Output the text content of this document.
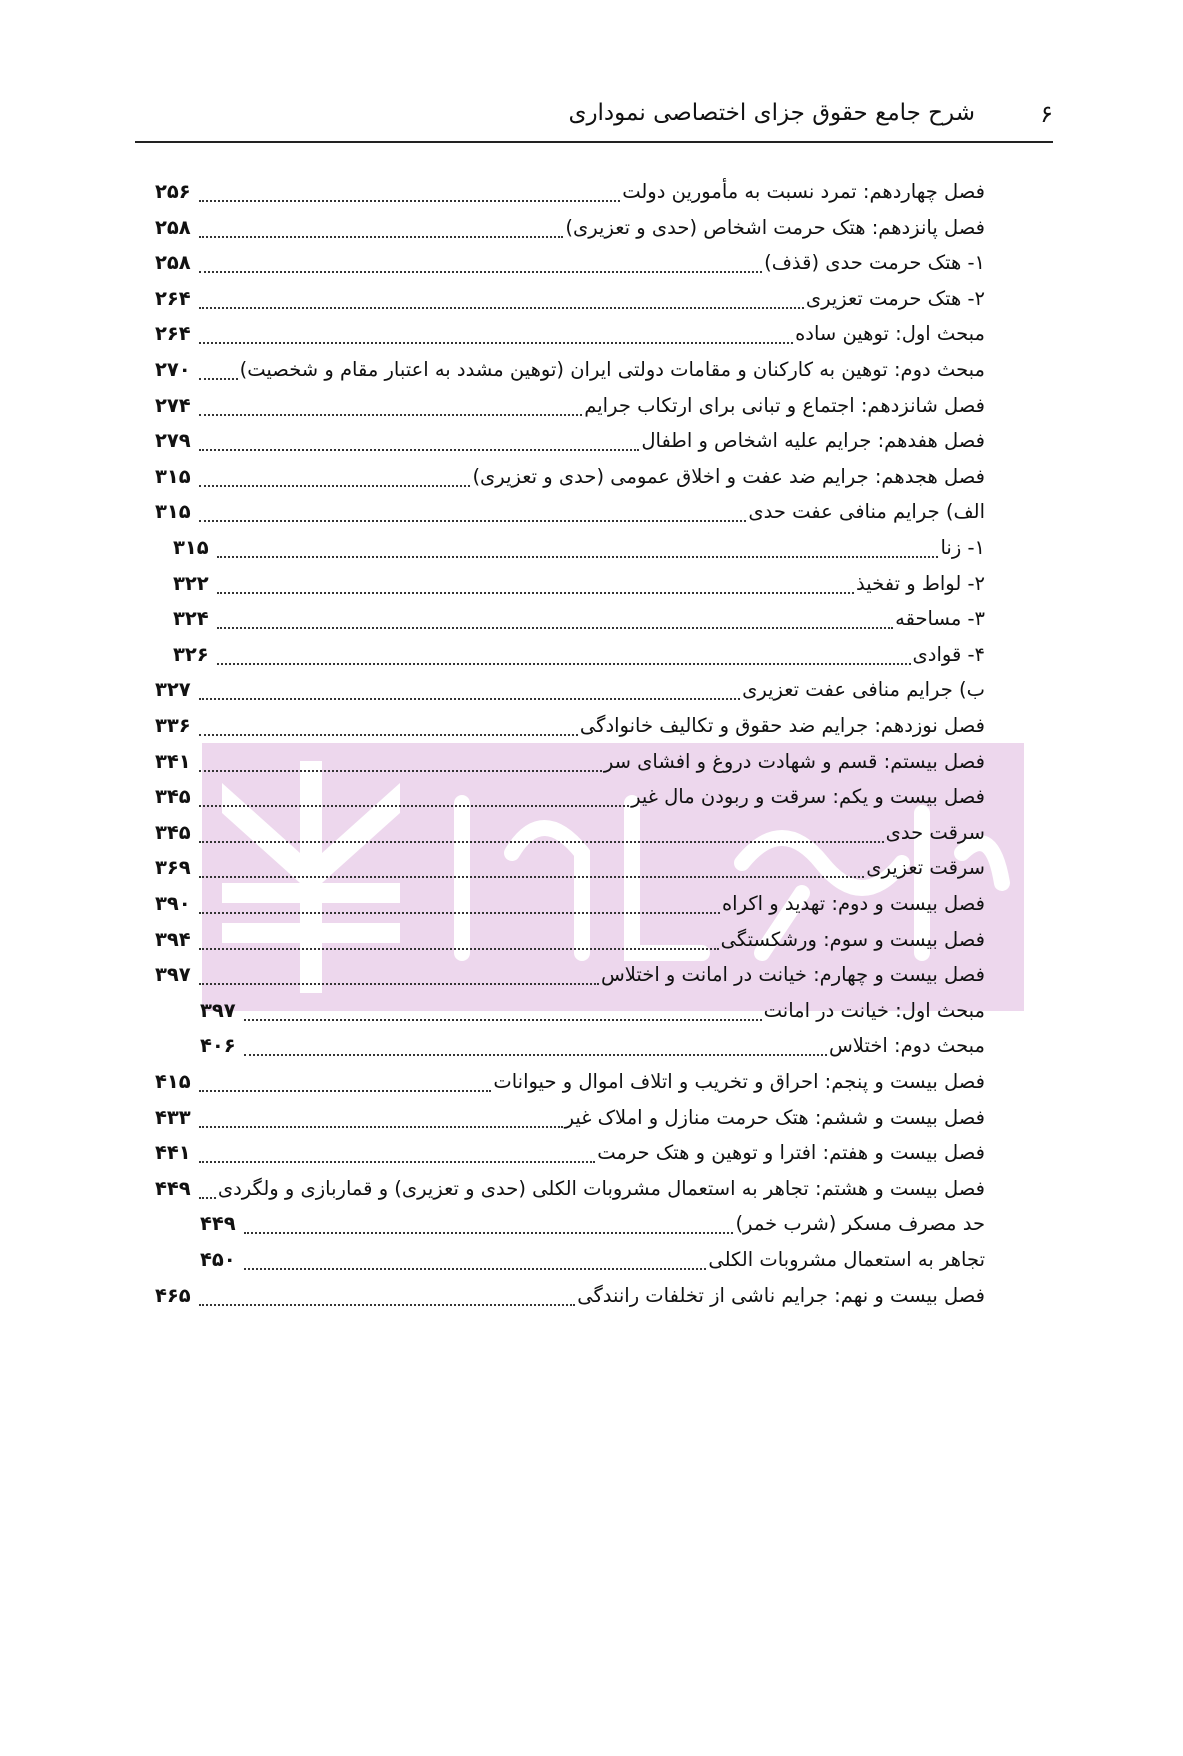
۶
شرح جامع حقوق جزای اختصاصی نموداری
فصل چهاردهم: تمرد نسبت به مأمورین دولت
۲۵۶
فصل پانزدهم: هتک حرمت اشخاص (حدی و تعزیری)
۲۵۸
۱- هتک حرمت حدی (قذف)
۲۵۸
۲- هتک حرمت تعزیری
۲۶۴
مبحث اول: توهین ساده
۲۶۴
مبحث دوم: توهین به کارکنان و مقامات دولتی ایران (توهین مشدد به اعتبار مقام و شخصیت)
۲۷۰
فصل شانزدهم: اجتماع و تبانی برای ارتکاب جرایم
۲۷۴
فصل هفدهم: جرایم علیه اشخاص و اطفال
۲۷۹
فصل هجدهم: جرایم ضد عفت و اخلاق عمومی (حدی و تعزیری)
۳۱۵
الف) جرایم منافی عفت حدی
۳۱۵
۱- زنا
۳۱۵
۲- لواط و تفخیذ
۳۲۲
۳- مساحقه
۳۲۴
۴- قوادی
۳۲۶
ب) جرایم منافی عفت تعزیری
۳۲۷
فصل نوزدهم: جرایم ضد حقوق و تکالیف خانوادگی
۳۳۶
فصل بیستم: قسم و شهادت دروغ و افشای سر
۳۴۱
فصل بیست و یکم: سرقت و ربودن مال غیر
۳۴۵
سرقت حدی
۳۴۵
سرقت تعزیری
۳۶۹
فصل بیست و دوم: تهدید و اکراه
۳۹۰
فصل بیست و سوم: ورشکستگی
۳۹۴
فصل بیست و چهارم: خیانت در امانت و اختلاس
۳۹۷
مبحث اول: خیانت در امانت
۳۹۷
مبحث دوم: اختلاس
۴۰۶
فصل بیست و پنجم: احراق و تخریب و اتلاف اموال و حیوانات
۴۱۵
فصل بیست و ششم: هتک حرمت منازل و املاک غیر
۴۳۳
فصل بیست و هفتم: افترا و توهین و هتک حرمت
۴۴۱
فصل بیست و هشتم: تجاهر به استعمال مشروبات الکلی (حدی و تعزیری) و قماربازی و ولگردی
۴۴۹
حد مصرف مسکر (شرب خمر)
۴۴۹
تجاهر به استعمال مشروبات الکلی
۴۵۰
فصل بیست و نهم: جرایم ناشی از تخلفات رانندگی
۴۶۵
